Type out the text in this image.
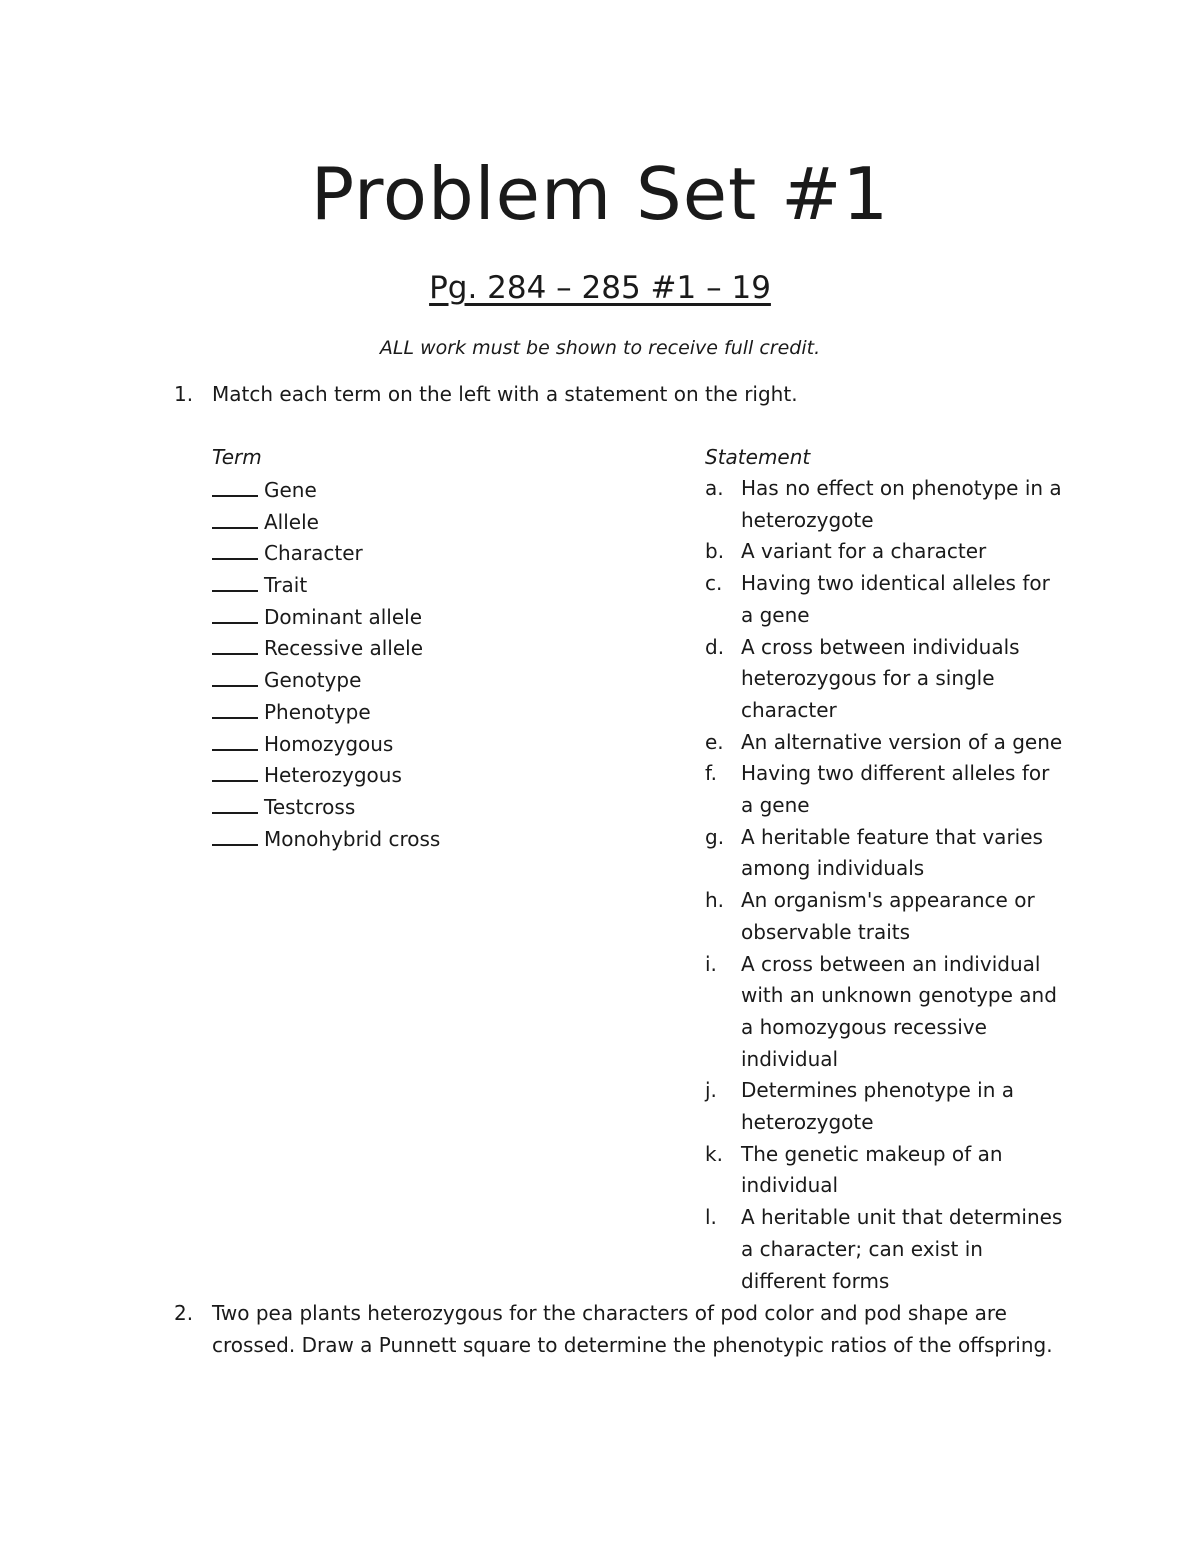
Problem Set #1
Pg. 284 – 285 #1 – 19
ALL work must be shown to receive full credit.
1. Match each term on the left with a statement on the right.
Term	Statement
Gene
Allele
Character
Trait
Dominant allele
Recessive allele
Genotype
Phenotype
Homozygous
Heterozygous
Testcross
Monohybrid cross
a. Has no effect on phenotype in a heterozygote
b. A variant for a character
c. Having two identical alleles for a gene
d. A cross between individuals heterozygous for a single character
e. An alternative version of a gene
f.	Having two different alleles for a gene
g. A heritable feature that varies among individuals
h. An organism's appearance or observable traits
i.	A cross between an individual with an unknown genotype and a homozygous recessive individual
j.	Determines phenotype in a heterozygote
k. The genetic makeup of an individual
l.	A heritable unit that determines a character; can exist in different forms
2. Two pea plants heterozygous for the characters of pod color and pod shape are crossed. Draw a Punnett square to determine the phenotypic ratios of the offspring.
